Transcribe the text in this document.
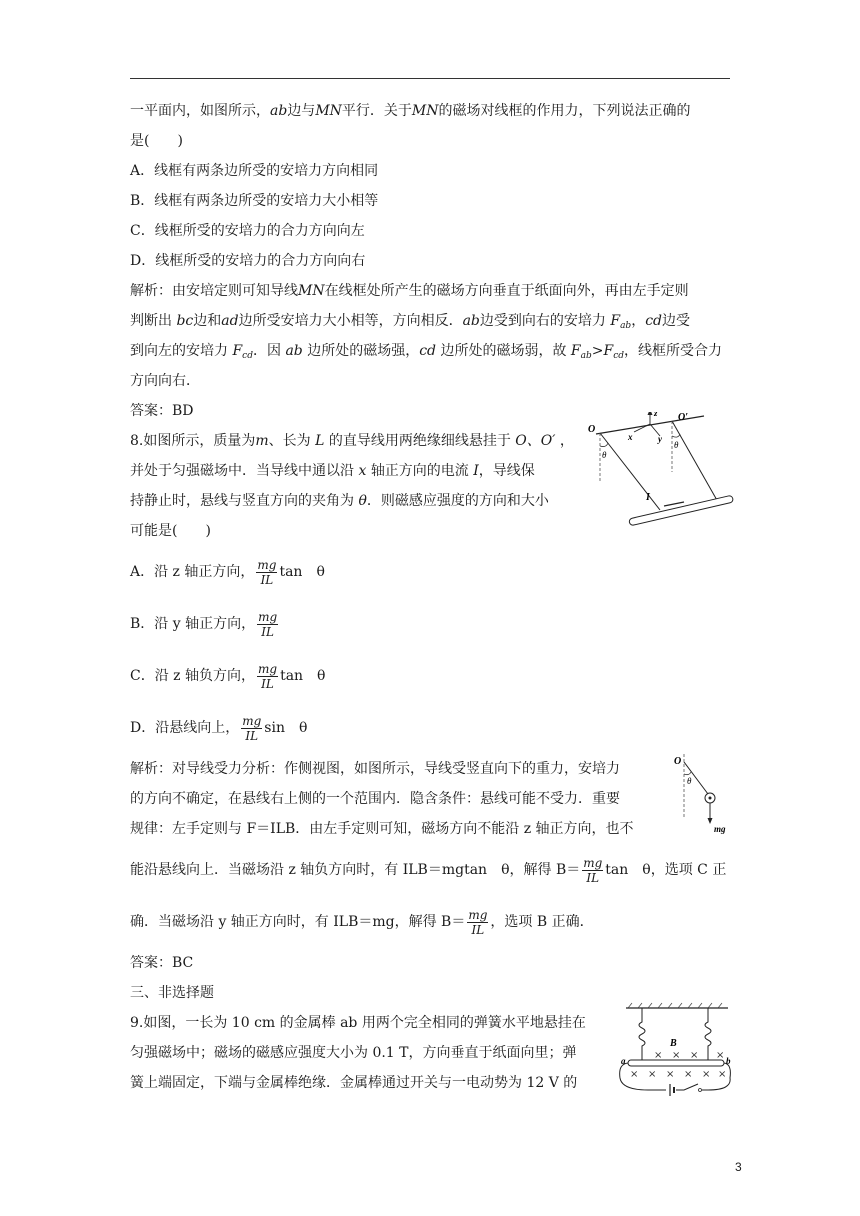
一平面内，如图所示，ab边与MN平行．关于MN的磁场对线框的作用力，下列说法正确的
是(　　)
A．线框有两条边所受的安培力方向相同
B．线框有两条边所受的安培力大小相等
C．线框所受的安培力的合力方向向左
D．线框所受的安培力的合力方向向右
解析：由安培定则可知导线MN在线框处所产生的磁场方向垂直于纸面向外，再由左手定则
判断出 bc边和ad边所受安培力大小相等，方向相反．ab边受到向右的安培力 $F_{ab}$，cd边受
到向左的安培力 $F_{cd}$．因 ab 边所处的磁场强，cd 边所处的磁场弱，故 $F_{ab}>F_{cd}$，线框所受合力
方向向右．
答案：BD
8.如图所示，质量为m、长为 L 的直导线用两绝缘细线悬挂于 O、O′ ，
并处于匀强磁场中．当导线中通以沿 x 轴正方向的电流 I，导线保
持静止时，悬线与竖直方向的夹角为 θ．则磁感应强度的方向和大小
可能是(　　)
O
O′
z
x	y
θ
θ
I
A．沿 z 轴正方向， $\frac{mg}{IL}$ tan　θ
B．沿 y 轴正方向， $\frac{mg}{IL}$
C．沿 z 轴负方向， $\frac{mg}{IL}$ tan　θ
D．沿悬线向上， $\frac{mg}{IL}$ sin　θ
解析：对导线受力分析：作侧视图，如图所示，导线受竖直向下的重力，安培力
的方向不确定，在悬线右上侧的一个范围内．隐含条件：悬线可能不受力．重要
规律：左手定则与 F＝ILB．由左手定则可知，磁场方向不能沿 z 轴正方向，也不
能沿悬线向上．当磁场沿 z 轴负方向时，有 ILB＝mgtan　θ，解得 $B= \frac{mg}{IL}$ tan　θ，选项 C 正
确．当磁场沿 y 轴正方向时，有 ILB＝mg，解得 $B= \frac{mg}{IL}$ ，选项 B 正确．
O
θ
mg
答案：BC
三、非选择题
9.如图，一长为 10 cm 的金属棒 ab 用两个完全相同的弹簧水平地悬挂在
匀强磁场中；磁场的磁感应强度大小为 0.1 T，方向垂直于纸面向里；弹
簧上端固定，下端与金属棒绝缘．金属棒通过开关与一电动势为 12 V 的
× × × ×
× × × × × ×
B
a	b
3
